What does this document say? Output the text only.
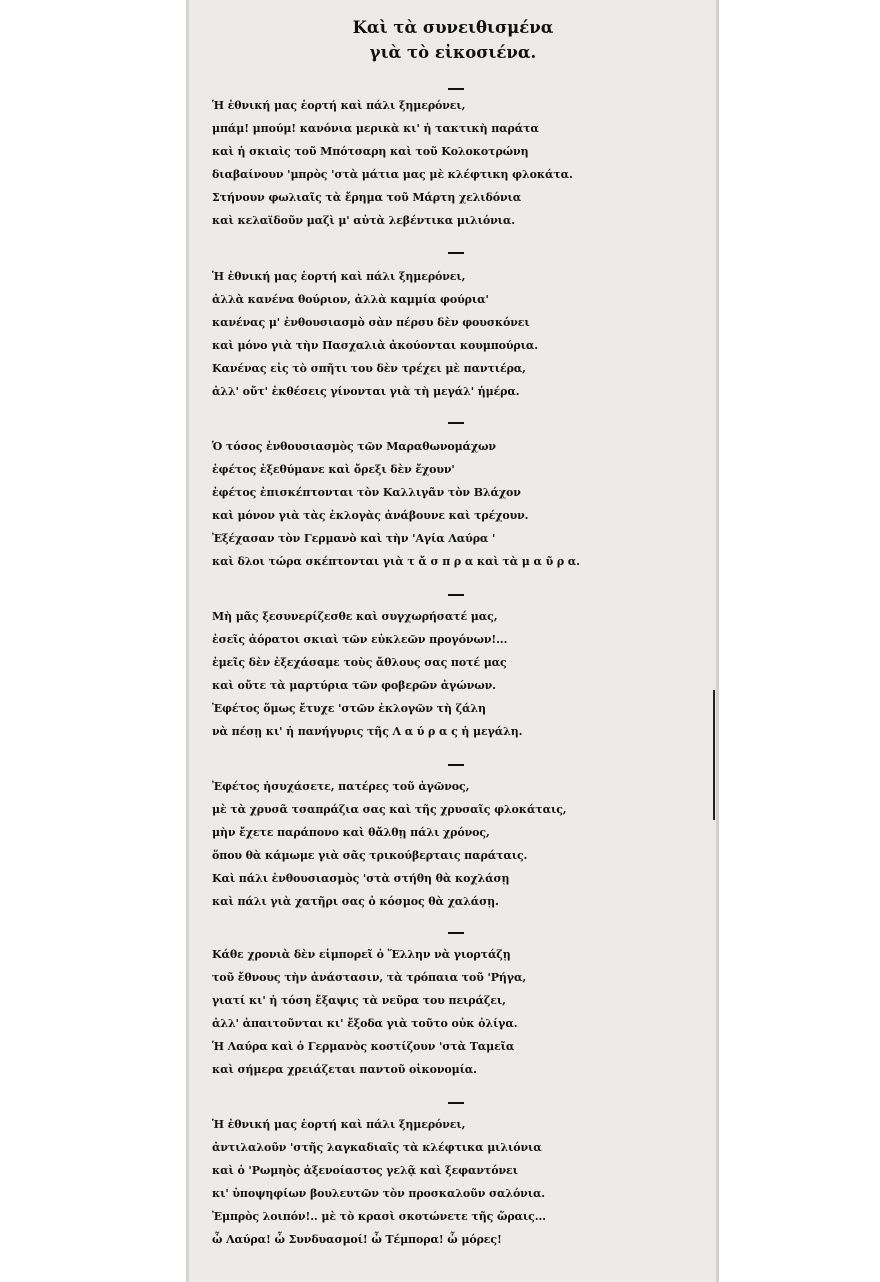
Καὶ τὰ συνειθισμένα
γιὰ τὸ εἰκοσιένα.
Ἡ ἐθνική μας ἑορτή καὶ πάλι ξημερόνει,
μπάμ! μπούμ! κανόνια μερικὰ κι' ἡ τακτικὴ παράτα
καὶ ἡ σκιαὶς τοῦ Μπότσαρη καὶ τοῦ Κολοκοτρώνη
διαβαίνουν 'μπρὸς 'στὰ μάτια μας μὲ κλέφτικη φλοκάτα.
Στήνουν φωλιαῖς τὰ ἔρημα τοῦ Μάρτη χελιδόνια
καὶ κελαϊδοῦν μαζὶ μ' αὐτὰ λεβέντικα μιλιόνια.
Ἡ ἐθνική μας ἑορτή καὶ πάλι ξημερόνει,
ἀλλὰ κανένα θούριον, ἀλλὰ καμμία φούρια'
κανένας μ' ἐνθουσιασμὸ σὰν πέρσυ δὲν φουσκόνει
καὶ μόνο γιὰ τὴν Πασχαλιὰ ἀκούονται κουμπούρια.
Κανένας εἰς τὸ σπῆτι του δὲν τρέχει μὲ παντιέρα,
ἀλλ' οὔτ' ἐκθέσεις γίνονται γιὰ τὴ μεγάλ' ἡμέρα.
Ὁ τόσος ἐνθουσιασμὸς τῶν Μαραθωνομάχων
ἐφέτος ἐξεθύμανε καὶ ὄρεξι δὲν ἔχουν'
ἐφέτος ἐπισκέπτονται τὸν Καλλιγᾶν τὸν Βλάχον
καὶ μόνον γιὰ τὰς ἐκλογὰς ἀνάβουνε καὶ τρέχουν.
Ἐξέχασαν τὸν Γερμανὸ καὶ τὴν 'Αγία Λαύρα '
καὶ δλοι τώρα σκέπτονται γιὰ τ ἄ σ π ρ α καὶ τὰ μ α ῦ ρ α.
Μὴ μᾶς ξεσυνερίζεσθε καὶ συγχωρήσατέ μας,
ἐσεῖς ἀόρατοι σκιαὶ τῶν εὐκλεῶν προγόνων!...
ἐμεῖς δὲν ἐξεχάσαμε τοὺς ἄθλους σας ποτέ μας
καὶ οὔτε τὰ μαρτύρια τῶν φοβερῶν ἀγώνων.
Ἐφέτος ὅμως ἔτυχε 'στῶν ἐκλογῶν τὴ ζάλη
νὰ πέσῃ κι' ἡ πανήγυρις τῆς Λ α ύ ρ α ς ἡ μεγάλη.
Ἐφέτος ἡσυχάσετε, πατέρες τοῦ ἀγῶνος,
μὲ τὰ χρυσᾶ τσαπράζια σας καὶ τῆς χρυσαῖς φλοκάταις,
μὴν ἔχετε παράπονο καὶ θἄλθῃ πάλι χρόνος,
ὅπου θὰ κάμωμε γιὰ σᾶς τρικούβερταις παράταις.
Καὶ πάλι ἐνθουσιασμὸς 'στὰ στήθη θὰ κοχλάσῃ
καὶ πάλι γιὰ χατῆρι σας ὁ κόσμος θὰ χαλάσῃ.
Κάθε χρονιὰ δὲν εἱμπορεῖ ὁ Ἕλλην νὰ γιορτάζῃ
τοῦ ἔθνους τὴν ἀνάστασιν, τὰ τρόπαια τοῦ 'Ρήγα,
γιατί κι' ἡ τόση ἔξαψις τὰ νεῦρα του πειράζει,
ἀλλ' ἀπαιτοῦνται κι' ἔξοδα γιὰ τοῦτο οὐκ ὀλίγα.
Ἡ Λαύρα καὶ ὁ Γερμανὸς κοστίζουν 'στὰ Ταμεῖα
καὶ σήμερα χρειάζεται παντοῦ οἰκονομία.
Ἡ ἐθνική μας ἑορτή καὶ πάλι ξημερόνει,
ἀντιλαλοῦν 'στῆς λαγκαδιαῖς τὰ κλέφτικα μιλιόνια
καὶ ὁ 'Ρωμηὸς ἀξενοίαστος γελᾷ καὶ ξεφαντόνει
κι' ὑποψηφίων βουλευτῶν τὸν προσκαλοῦν σαλόνια.
Ἐμπρὸς λοιπόν!.. μὲ τὸ κρασὶ σκοτώνετε τῆς ὥραις...
ὦ Λαύρα! ὦ Συνδυασμοί! ὦ Τέμπορα! ὦ μόρες!
